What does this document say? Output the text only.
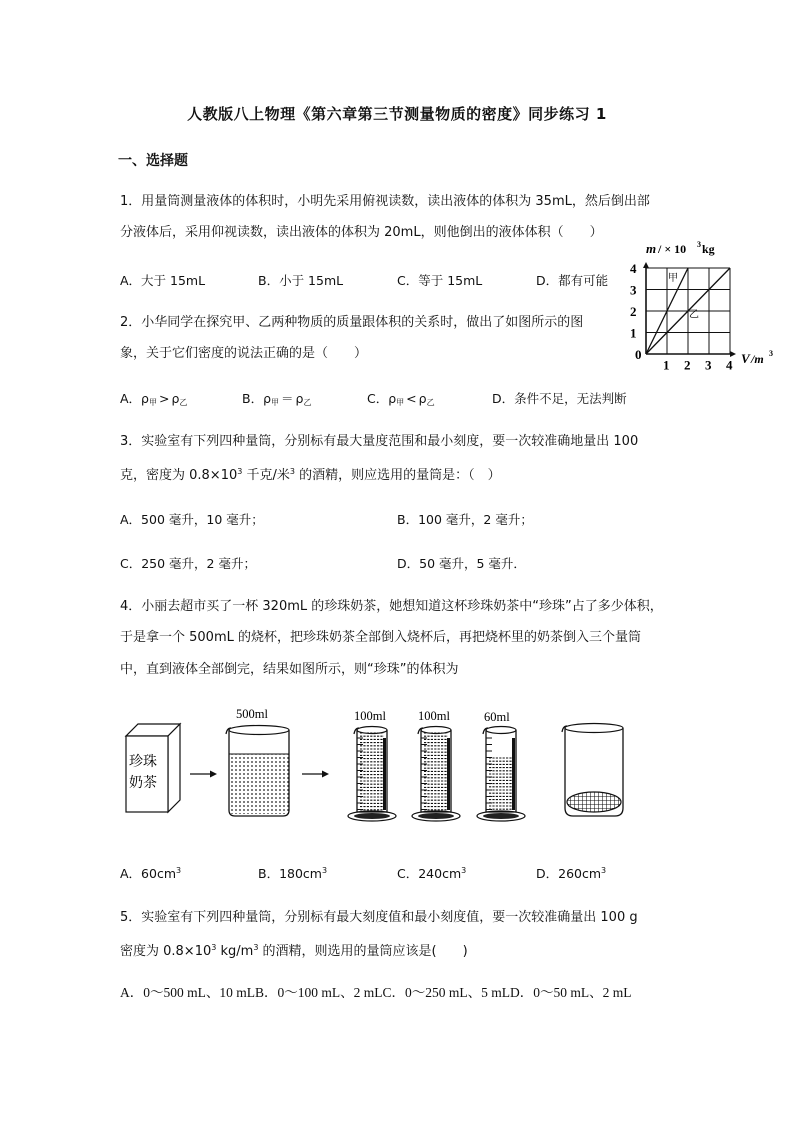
人教版八上物理《第六章第三节测量物质的密度》同步练习 1
一、选择题
1．用量筒测量液体的体积时，小明先采用俯视读数，读出液体的体积为 35mL，然后倒出部
分液体后，采用仰视读数，读出液体的体积为 20mL，则他倒出的液体体积（　　）
A．大于 15mL	B．小于 15mL	C．等于 15mL	D．都有可能
2．小华同学在探究甲、乙两种物质的质量跟体积的关系时，做出了如图所示的图
象，关于它们密度的说法正确的是（　　）
A．$\rho_甲 > \rho_乙$	B．$\rho_甲 = \rho_乙$	C．$\rho_甲 < \rho_乙$	D．条件不足，无法判断
1 2 3 4
1
2
3
4
m / × 10 3 kg
V /m 3
0
甲
乙
3．实验室有下列四种量筒，分别标有最大量度范围和最小刻度，要一次较准确地量出 100
克，密度为 $0.8\times 10^3$ 千克/米$^3$ 的酒精，则应选用的量筒是：（　）
A．500 毫升，10 毫升；	B．100 毫升，2 毫升；
C．250 毫升，2 毫升；	D．50 毫升，5 毫升．
4．小丽去超市买了一杯 320mL 的珍珠奶茶，她想知道这杯珍珠奶茶中“珍珠”占了多少体积，
于是拿一个 500mL 的烧杯，把珍珠奶茶全部倒入烧杯后，再把烧杯里的奶茶倒入三个量筒
中，直到液体全部倒完，结果如图所示，则“珍珠”的体积为
珍珠
奶茶
500ml	100ml	100ml	60ml
A．$60cm^3$	B．$180cm^3$	C．$240cm^3$	D．$260cm^3$
5．实验室有下列四种量筒，分别标有最大刻度值和最小刻度值，要一次较准确量出 100 g
密度为 $0.8\times 10^3$ $kg/m^3$ 的酒精，则选用的量筒应该是(　　)
A．0～500 mL、10 mLB．0～100 mL、2 mLC．0～250 mL、5 mLD．0～50 mL、2 mL
